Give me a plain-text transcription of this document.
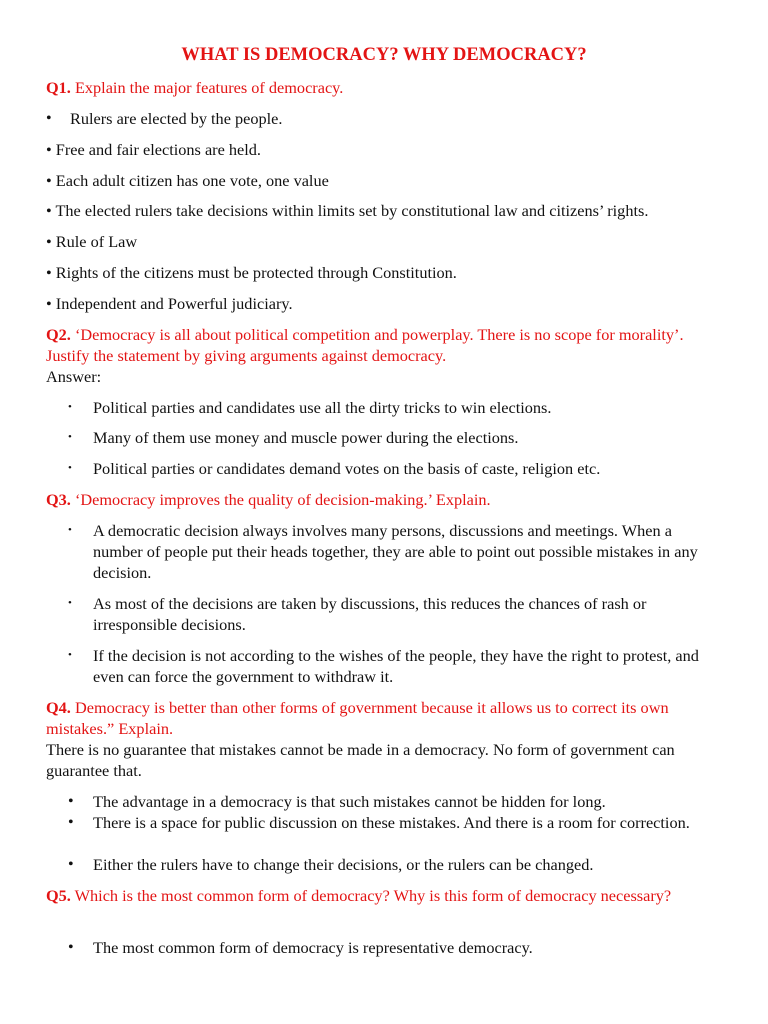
WHAT IS DEMOCRACY? WHY DEMOCRACY?
Q1. Explain the major features of democracy.
•	Rulers are elected by the people.
• Free and fair elections are held.
• Each adult citizen has one vote, one value
• The elected rulers take decisions within limits set by constitutional law and citizens’ rights.
• Rule of Law
• Rights of the citizens must be protected through Constitution.
• Independent and Powerful judiciary.
Q2. ‘Democracy is all about political competition and powerplay. There is no scope for morality’. Justify the statement by giving arguments against democracy.
Answer:
•	Political parties and candidates use all the dirty tricks to win elections.
•	Many of them use money and muscle power during the elections.
•	Political parties or candidates demand votes on the basis of caste, religion etc.
Q3. ‘Democracy improves the quality of decision-making.’ Explain.
•	A democratic decision always involves many persons, discussions and meetings. When a number of people put their heads together, they are able to point out possible mistakes in any decision.
•	As most of the decisions are taken by discussions, this reduces the chances of rash or irresponsible decisions.
•	If the decision is not according to the wishes of the people, they have the right to protest, and even can force the government to withdraw it.
Q4. Democracy is better than other forms of government because it allows us to correct its own mistakes.” Explain.
There is no guarantee that mistakes cannot be made in a democracy. No form of government can guarantee that.
•	The advantage in a democracy is that such mistakes cannot be hidden for long.
•	There is a space for public discussion on these mistakes. And there is a room for correction.
•	Either the rulers have to change their decisions, or the rulers can be changed.
Q5. Which is the most common form of democracy? Why is this form of democracy necessary?
•	The most common form of democracy is representative democracy.
